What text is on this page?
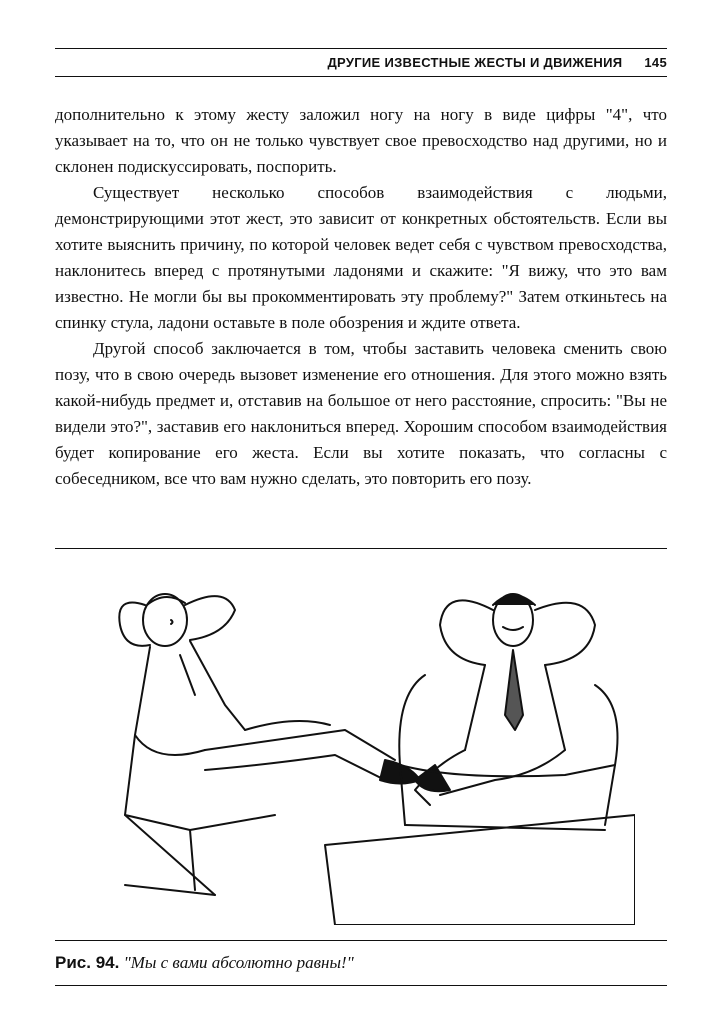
ДРУГИЕ ИЗВЕСТНЫЕ ЖЕСТЫ И ДВИЖЕНИЯ 145

дополнительно к этому жесту заложил ногу на ногу в виде цифры "4", что указывает на то, что он не только чувствует свое превосходство над другими, но и склонен подискуссировать, поспорить.

Существует несколько способов взаимодействия с людьми, демонстрирующими этот жест, это зависит от конкретных обстоятельств. Если вы хотите выяснить причину, по которой человек ведет себя с чувством превосходства, наклонитесь вперед с протянутыми ладонями и скажите: "Я вижу, что это вам известно. Не могли бы вы прокомментировать эту проблему?" Затем откиньтесь на спинку стула, ладони оставьте в поле обозрения и ждите ответа.

Другой способ заключается в том, чтобы заставить человека сменить свою позу, что в свою очередь вызовет изменение его отношения. Для этого можно взять какой-нибудь предмет и, отставив на большое от него расстояние, спросить: "Вы не видели это?", заставив его наклониться вперед. Хорошим способом взаимодействия будет копирование его жеста. Если вы хотите показать, что согласны с собеседником, все что вам нужно сделать, это повторить его позу.

Рис. 94. "Мы с вами абсолютно равны!"
